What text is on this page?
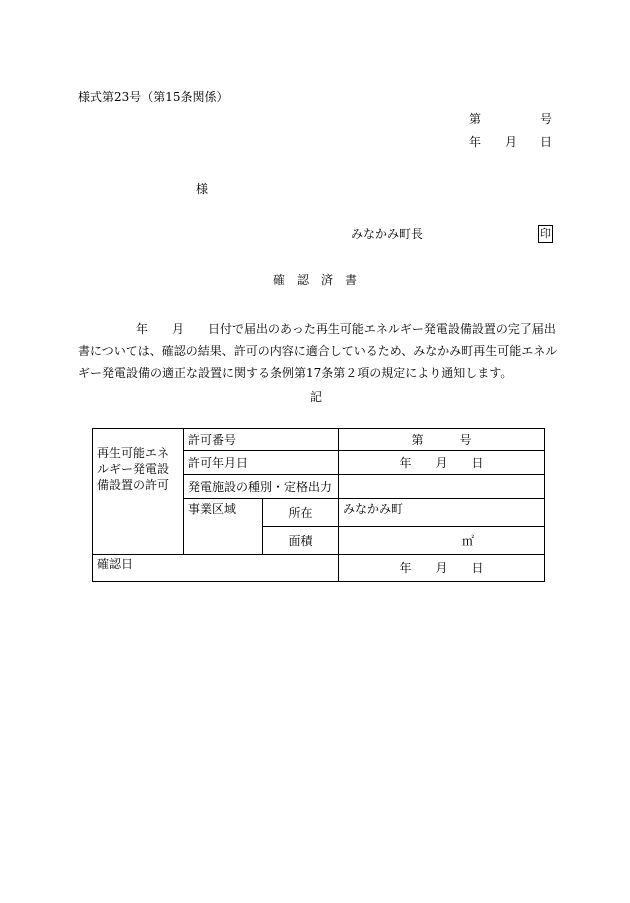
様式第23号（第15条関係）
第	号
年 月 日
様
みなかみ町長	印
確　認　済　書
年　　月　　日付で届出のあった再生可能エネルギー発電設備設置の完了届出
書については、確認の結果、許可の内容に適合しているため、みなかみ町再生可能エネル
ギー発電設備の適正な設置に関する条例第17条第２項の規定により通知します。
記
再生可能エネルギー発電設備設置の許可	許可番号		第　　　号
	許可年月日		年　　月　　日
	発電施設の種別・定格出力		
	事業区域	所在	みなかみ町
		面積	㎡
確認日			年　　月　　日
